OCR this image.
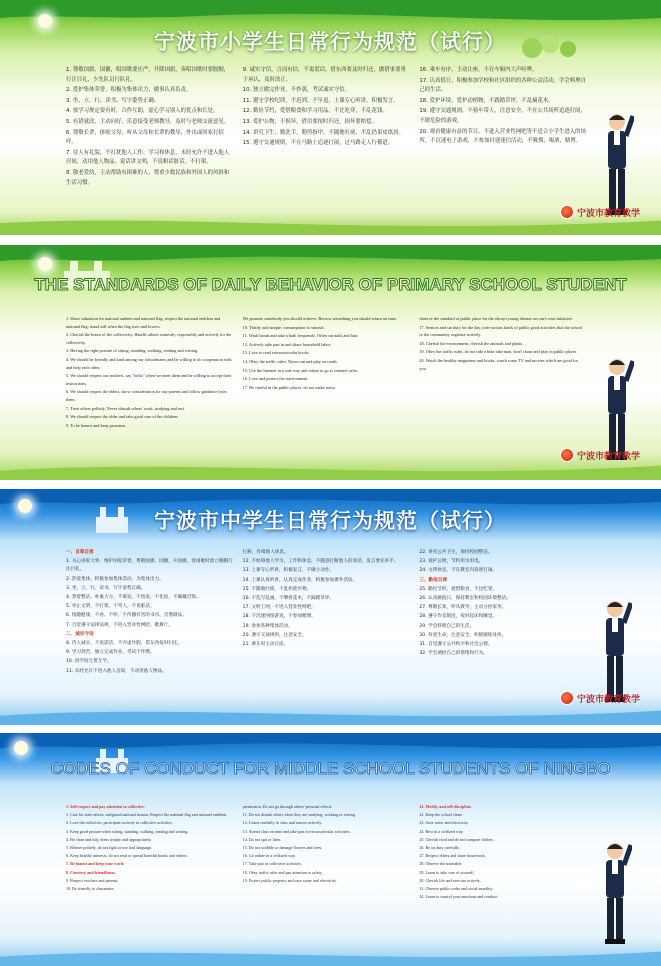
宁波市小学生日常行为规范（试行）

1. 尊敬国旗、国徽，唱国歌要庄严，升降国旗，奏唱国歌时要脱帽，行注目礼，少先队员行队礼。

2. 爱护集体荣誉，积极为集体出力，做事认真负责。

3. 坐、立、行、读书、写字姿势正确。

4. 按学习规定要有时，合作互助，虚心学习别人的优点和长处。

5. 有错就改，主动问好，乐意接受老师教导，及时与老师交流意见。

6. 尊敬长辈，体贴父母，听从父母和长辈的教导，外出或回家打招呼。

7. 待人有礼貌，不打扰他人工作、学习和休息，未经允许不进入他人房间，动用他人物品，说话讲文明，不说粗话脏话，不打架。

8. 敬老爱幼，主动帮助有困难的人，尊重少数民族和外国人的风俗和生活习惯。

9. 诚实守信，言而有信，不说谎话，借东西要及时归还，做错事要勇于承认，及时改正。

10. 独立做完作业，不抄袭，考试诚实守信。

11. 遵守学校纪律，不迟到、不早退，上课专心听讲，积极发言。

12. 勤俭节约，爱惜粮食和学习用品，不比吃穿，不乱花钱。

13. 爱护公物，不损坏，借用要按时归还，损坏要赔偿。

14. 讲究卫生，勤洗手，勤剪指甲，不随地吐痰，不乱扔果皮纸屑。

15. 遵守交通规则，不在马路上追逐打闹，过马路走人行横道。

16. 乘车有序，主动让座，不在车厢内大声喧哗。

17. 认真值日，积极参加学校和社区组织的各种公益活动，学会料理自己的生活。

18. 爱护环境，爱护动植物，不践踏草坪，不乱摘花木。

19. 遵守交通规则，不骑车带人，注意安全，不在公共场所追逐打闹，不做危险的游戏。

20. 观看健康有益的节目，不进入营业性网吧等不适合小学生进入的场所，不沉迷电子游戏，不参加封建迷信活动，不吸烟、喝酒、赌博。

宁波市教育教学
THE STANDARDS OF DAILY BEHAVIOR OF PRIMARY SCHOOL STUDENT

1. Show salutation for national anthem and national flag, respect the national emblem and national flag, stand still when the flag rises and lowers.

2. Cherish the honor of the collectivity. Handle affairs earnestly, responsibly and actively for the collectivity.

3. Having the right posture of sitting, standing, walking, reading and writing.

4. We should be friendly and kind among our schoolmates and be willing to do cooperation with and help each other.

5. We should respect our teachers, say "hello" when we meet them and be willing to accept their instructions.

6. We should respect the elders, show consideration for our parents and follow guidance from them.

7. Treat others politely. Never disturb others' work, studying and rest.

8. We should respect the older and take good care of the children.

9. To be honest and keep promises.

We promise somebody you should achieve. Borrow something you should return on time.

10. Thrifty and simple, consumption is rational.

11. Wash hands and take a bath frequently. Often cut nails and hair.

12. Actively take part in and share household labor.

13. Love to read extracurricular books.

14. Obey the traffic rules. Never run and play on roads.

15. Use the Internet in a safe way and refuse to go to internet cafes.

16. Love and protect the environment.

17. Be careful in the public places, do not make noise.

observe the standard of public place for the always young disease on one's own initiative.

17. Seniors and sin duty for the day, join various kinds of public good activities that the school or the community organize actively.

18. Cherish the environment, cherish the animals and plants.

19. Obey the traffic rules, do not ride a bike take man, don't chase and play in public places.

20. Watch the healthy magazines and books, watch some TV and movies which are good for you.

宁波市教育教学
宁波市中学生日常行为规范（试行）

一、自尊自爱

1. 关心国家大事，维护国家荣誉，尊敬国旗、国徽，升国旗、奏国歌时肃立脱帽行注目礼。

2. 热爱集体，积极参加集体活动，为集体出力。

3. 坐、立、行、读书、写字姿势正确。

4. 穿着整洁、朴素大方，不染发、不烫发，不化妆，不佩戴首饰。

5. 举止文明，不打架，不骂人，不说脏话。

6. 情趣健康，不看、不听、不传播有害的书刊、音像制品。

7. 自觉遵守法律法规，不进入营业性网吧、歌舞厅。

二、诚实守信

8. 待人诚实，不说谎话，不弄虚作假，借东西按时归还。

9. 学习刻苦，独立完成作业，考试不作弊。

10. 同学间互帮互学。

11. 未经允许不进入他人房间，不动用他人物品。

打鼾，作揖他人休息。

12. 不妨碍他人学习、工作和休息，不随意打断他人的谈话，发言要先举手。

13. 上课专心听讲，积极发言，不做小动作。

14. 上课认真听讲，认真完成作业，积极参加课外活动。

15. 不随地吐痰，不乱扔废弃物。

16. 不乱写乱画，不攀折花木，不踩踏草坪。

17. 文明上网，不进入营业性网吧。

18. 不沉迷网络游戏，不参加赌博。

19. 参加各种集体活动。

20. 遵守交通规则，注意安全。

21. 乘车时主动让座。

22. 讲究公共卫生，保持校园整洁。

23. 爱护公物，节约用水用电。

24. 文明休息，不在教室内追逐打闹。

三、勤俭自律

25. 勤俭节约，爱惜粮食，不比吃穿。

26. 认真做值日，保持教室和校园环境整洁。

27. 尊敬长辈，听从教导，主动分担家务。

28. 遵守作息制度，按时起床和睡觉。

29. 学会料理自己的生活。

30. 珍爱生命，注意安全，积极锻炼身体。

31. 自觉遵守公共秩序和社会公德。

32. 学会调控自己的情绪和行为。

宁波市教育教学
CODES OF CONDUCT FOR MIDDLE SCHOOL STUDENTS OF NINGBO

1. Self-respect and pay attention to collective.

1. Care for state affairs, safeguard national honour. Respect the national flag and national emblem.

2. Love the collective, participate actively in collective activities.

3. Keep good posture when sitting, standing, walking, reading and writing.

4. Be clean and tidy, dress simply and appropriately.

5. Behave politely, do not fight or use foul language.

6. Keep healthy interests, do not read or spread harmful books and videos.

7. Be honest and keep your word.

8. Courtesy and friendliness.

9. Respect teachers and parents.

10. Be friendly to classmates.

permission. Do not go through others' personal effects.

11. Do not disturb others when they are studying, working or resting.

12. Listen carefully in class and answer actively.

13. Attend class on time and take part in extracurricular activities.

14. Do not spit or litter.

15. Do not scribble or damage flowers and trees.

16. Go online in a civilized way.

17. Take part in collective activities.

18. Obey traffic rules and pay attention to safety.

19. Protect public property and save water and electricity.

21. Thrifty and self-discipline.

22. Keep the school clean.

23. Save water and electricity.

24. Rest in a civilized way.

25. Cherish food and do not compare clothes.

26. Be on duty carefully.

27. Respect elders and share housework.

28. Observe the timetable.

29. Learn to take care of yourself.

30. Cherish life and exercise actively.

31. Observe public order and social morality.

32. Learn to control your emotions and conduct.
